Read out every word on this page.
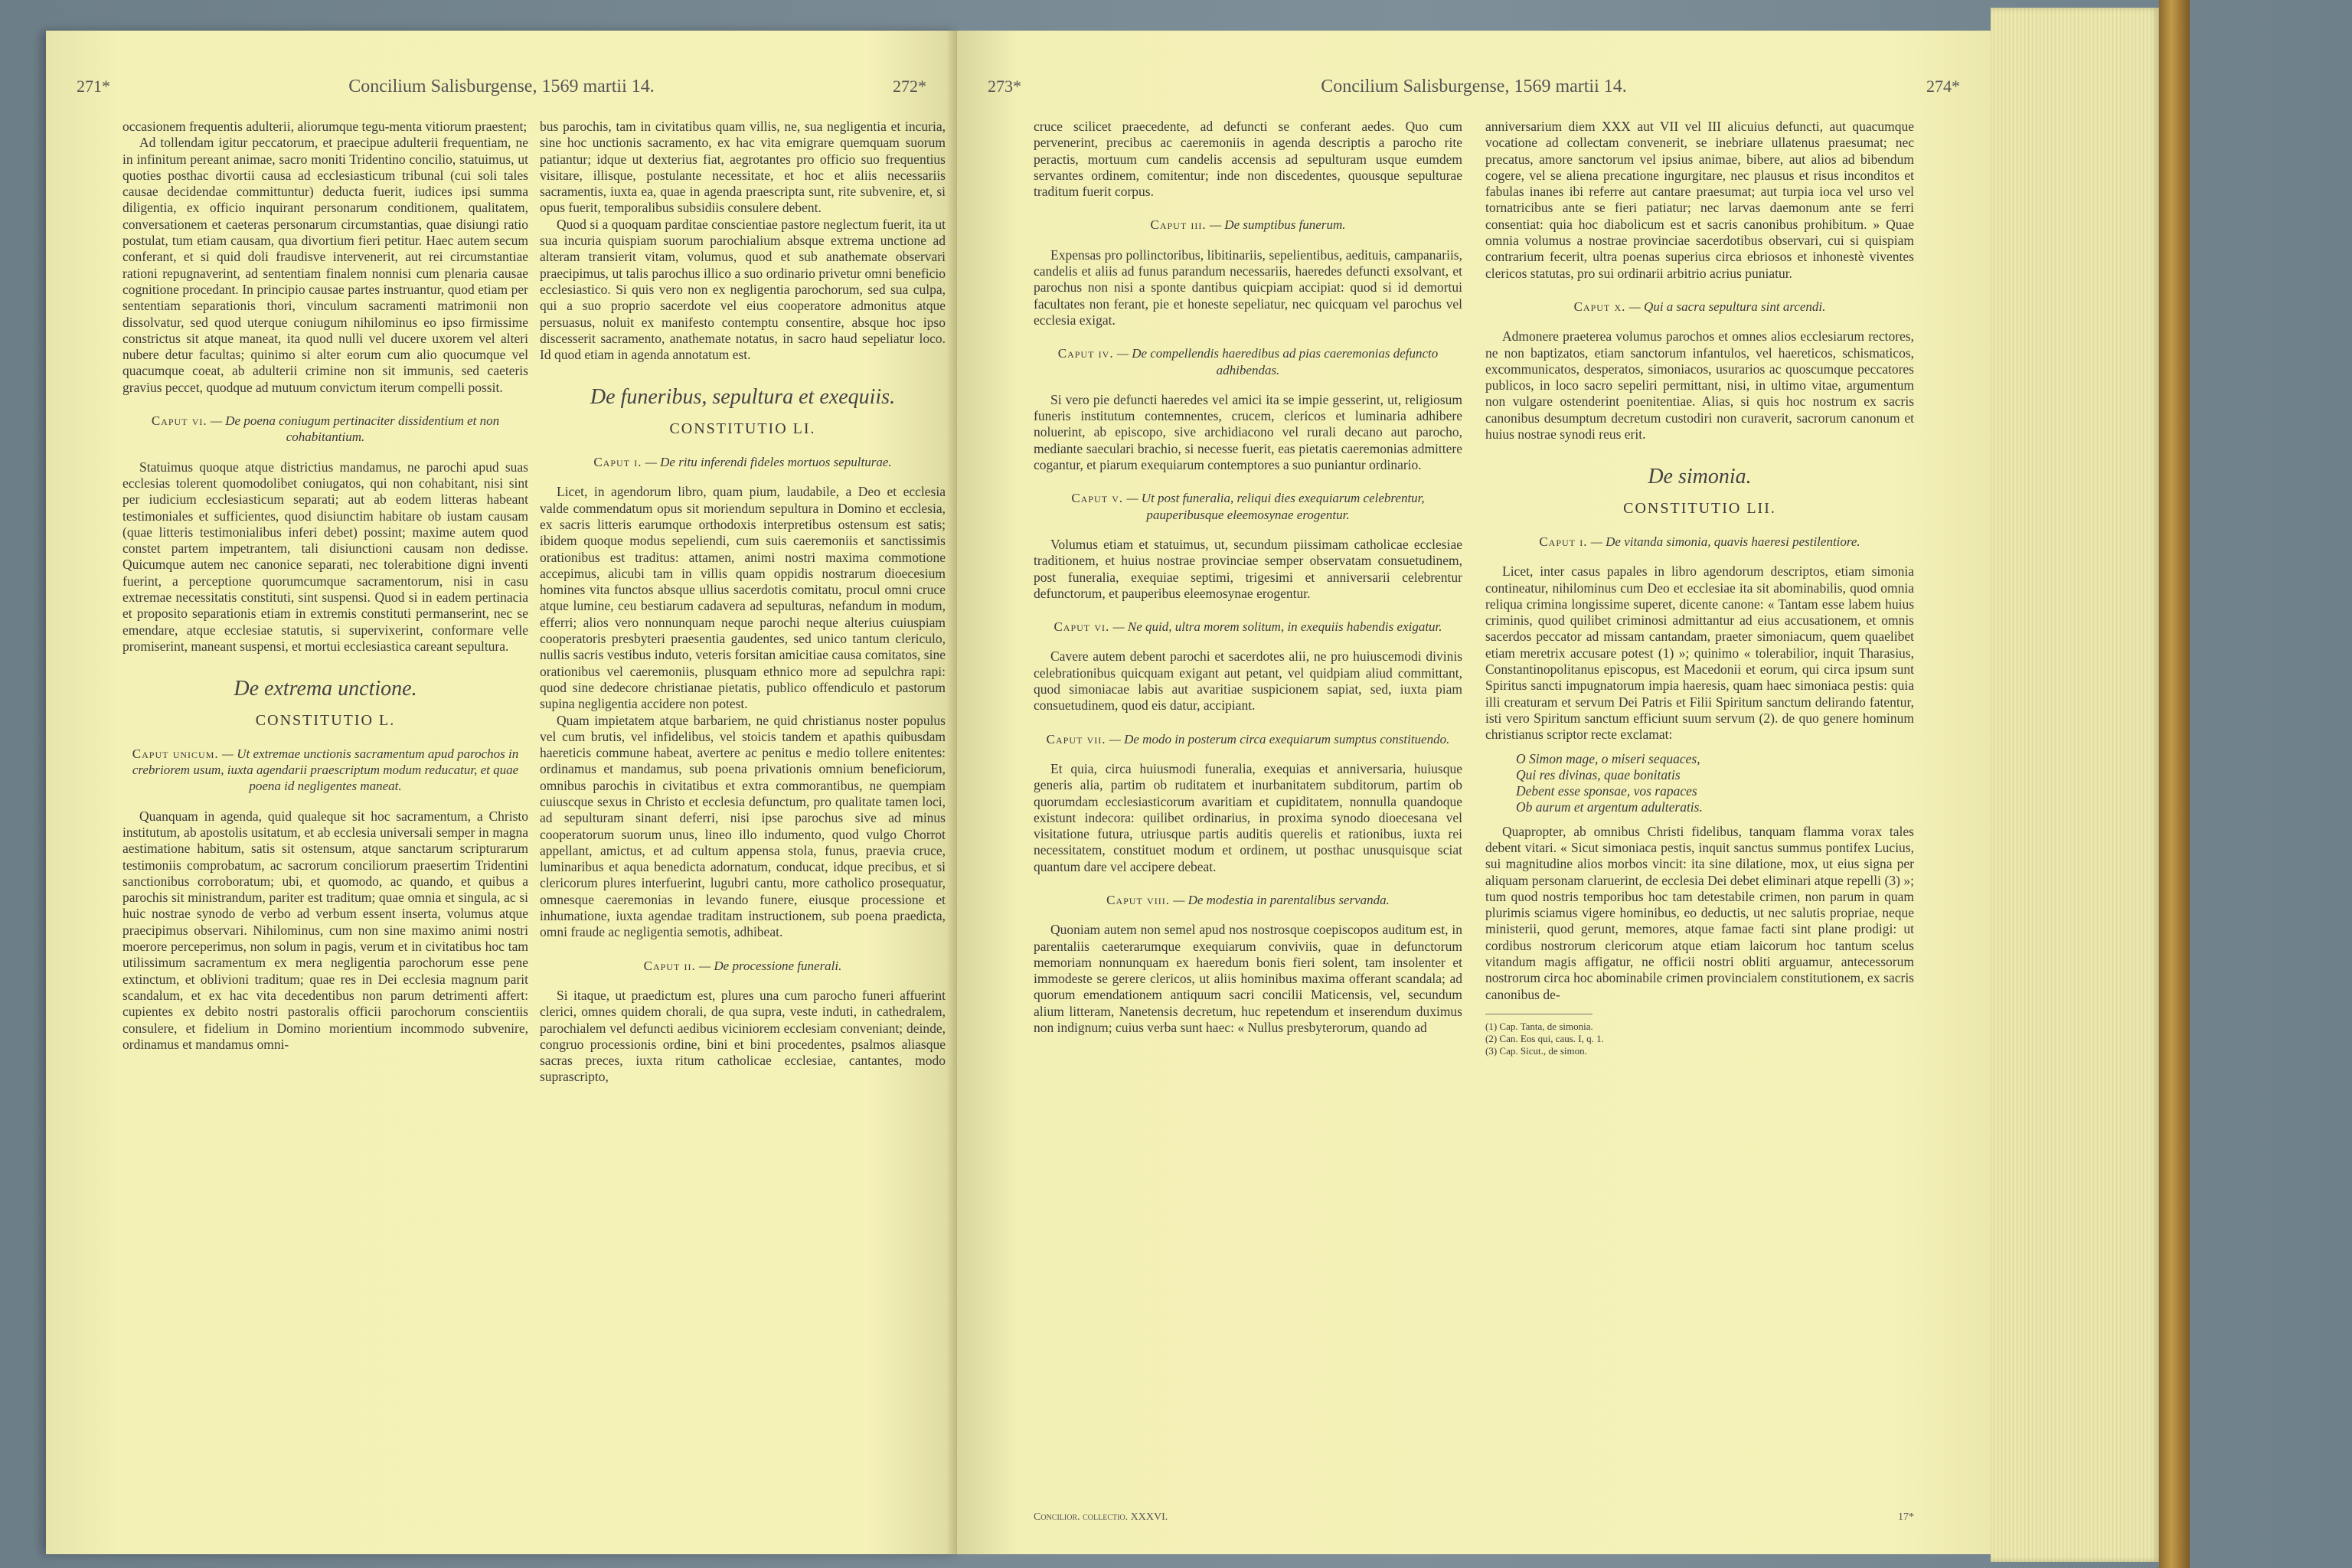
271*	Concilium Salisburgense, 1569 martii 14.	272*

occasionem frequentis adulterii, aliorumque tegu-menta vitiorum praestent;

Ad tollendam igitur peccatorum, et praecipue adulterii frequentiam, ne in infinitum pereant animae, sacro moniti Tridentino concilio, statuimus, ut quoties posthac divortii causa ad ecclesiasticum tribunal (cui soli tales causae decidendae committuntur) deducta fuerit, iudices ipsi summa diligentia, ex officio inquirant personarum conditionem, qualitatem, conversationem et caeteras personarum circumstantias, quae disiungi ratio postulat, tum etiam causam, qua divortium fieri petitur. Haec autem secum conferant, et si quid doli fraudisve intervenerit, aut rei circumstantiae rationi repugnaverint, ad sententiam finalem nonnisi cum plenaria causae cognitione procedant. In principio causae partes instruantur, quod etiam per sententiam separationis thori, vinculum sacramenti matrimonii non dissolvatur, sed quod uterque coniugum nihilominus eo ipso firmissime constrictus sit atque maneat, ita quod nulli vel ducere uxorem vel alteri nubere detur facultas; quinimo si alter eorum cum alio quocumque vel quacumque coeat, ab adulterii crimine non sit immunis, sed caeteris gravius peccet, quodque ad mutuum convictum iterum compelli possit.

Caput vi. — De poena coniugum pertinaciter dissidentium et non cohabitantium.

Statuimus quoque atque districtius mandamus, ne parochi apud suas ecclesias tolerent quomodolibet coniugatos, qui non cohabitant, nisi sint per iudicium ecclesiasticum separati; aut ab eodem litteras habeant testimoniales et sufficientes, quod disiunctim habitare ob iustam causam (quae litteris testimonialibus inferi debet) possint; maxime autem quod constet partem impetrantem, tali disiunctioni causam non dedisse. Quicumque autem nec canonice separati, nec tolerabitione digni inventi fuerint, a perceptione quorumcumque sacramentorum, nisi in casu extremae necessitatis constituti, sint suspensi. Quod si in eadem pertinacia et proposito separationis etiam in extremis constituti permanserint, nec se emendare, atque ecclesiae statutis, si supervixerint, conformare velle promiserint, maneant suspensi, et mortui ecclesiastica careant sepultura.

De extrema unctione.
CONSTITUTIO L.
Caput unicum. — Ut extremae unctionis sacramentum apud parochos in crebriorem usum, iuxta agendarii praescriptum modum reducatur, et quae poena id negligentes maneat.

Quanquam in agenda, quid qualeque sit hoc sacramentum, a Christo institutum, ab apostolis usitatum, et ab ecclesia universali semper in magna aestimatione habitum, satis sit ostensum, atque sanctarum scripturarum testimoniis comprobatum, ac sacrorum conciliorum praesertim Tridentini sanctionibus corroboratum; ubi, et quomodo, ac quando, et quibus a parochis sit ministrandum, pariter est traditum; quae omnia et singula, ac si huic nostrae synodo de verbo ad verbum essent inserta, volumus atque praecipimus observari. Nihilominus, cum non sine maximo animi nostri moerore perceperimus, non solum in pagis, verum et in civitatibus hoc tam utilissimum sacramentum ex mera negligentia parochorum esse pene extinctum, et oblivioni traditum; quae res in Dei ecclesia magnum parit scandalum, et ex hac vita decedentibus non parum detrimenti affert: cupientes ex debito nostri pastoralis officii parochorum conscientiis consulere, et fidelium in Domino morientium incommodo subvenire, ordinamus et mandamus omni-

bus parochis, tam in civitatibus quam villis, ne, sua negligentia et incuria, sine hoc unctionis sacramento, ex hac vita emigrare quemquam suorum patiantur; idque ut dexterius fiat, aegrotantes pro officio suo frequentius visitare, illisque, postulante necessitate, et hoc et aliis necessariis sacramentis, iuxta ea, quae in agenda praescripta sunt, rite subvenire, et, si opus fuerit, temporalibus subsidiis consulere debent.

Quod si a quoquam parditae conscientiae pastore neglectum fuerit, ita ut sua incuria quispiam suorum parochialium absque extrema unctione ad alteram transierit vitam, volumus, quod et sub anathemate observari praecipimus, ut talis parochus illico a suo ordinario privetur omni beneficio ecclesiastico. Si quis vero non ex negligentia parochorum, sed sua culpa, qui a suo proprio sacerdote vel eius cooperatore admonitus atque persuasus, noluit ex manifesto contemptu consentire, absque hoc ipso discesserit sacramento, anathemate notatus, in sacro haud sepeliatur loco. Id quod etiam in agenda annotatum est.

De funeribus, sepultura et exequiis.
CONSTITUTIO LI.
Caput i. — De ritu inferendi fideles mortuos sepulturae.

Licet, in agendorum libro, quam pium, laudabile, a Deo et ecclesia valde commendatum opus sit moriendum sepultura in Domino et ecclesia, ex sacris litteris earumque orthodoxis interpretibus ostensum est satis; ibidem quoque modus sepeliendi, cum suis caeremoniis et sanctissimis orationibus est traditus: attamen, animi nostri maxima commotione accepimus, alicubi tam in villis quam oppidis nostrarum dioecesium homines vita functos absque ullius sacerdotis comitatu, procul omni cruce atque lumine, ceu bestiarum cadavera ad sepulturas, nefandum in modum, efferri; alios vero nonnunquam neque parochi neque alterius cuiuspiam cooperatoris presbyteri praesentia gaudentes, sed unico tantum clericulo, nullis sacris vestibus induto, veteris forsitan amicitiae causa comitatos, sine orationibus vel caeremoniis, plusquam ethnico more ad sepulchra rapi: quod sine dedecore christianae pietatis, publico offendiculo et pastorum supina negligentia accidere non potest.

Quam impietatem atque barbariem, ne quid christianus noster populus vel cum brutis, vel infidelibus, vel stoicis tandem et apathis quibusdam haereticis commune habeat, avertere ac penitus e medio tollere enitentes: ordinamus et mandamus, sub poena privationis omnium beneficiorum, omnibus parochis in civitatibus et extra commorantibus, ne quempiam cuiuscque sexus in Christo et ecclesia defunctum, pro qualitate tamen loci, ad sepulturam sinant deferri, nisi ipse parochus sive ad minus cooperatorum suorum unus, lineo illo indumento, quod vulgo Chorrot appellant, amictus, et ad cultum appensa stola, funus, praevia cruce, luminaribus et aqua benedicta adornatum, conducat, idque precibus, et si clericorum plures interfuerint, lugubri cantu, more catholico prosequatur, omnesque caeremonias in levando funere, eiusque processione et inhumatione, iuxta agendae traditam instructionem, sub poena praedicta, omni fraude ac negligentia semotis, adhibeat.

Caput ii. — De processione funerali.

Si itaque, ut praedictum est, plures una cum parocho funeri affuerint clerici, omnes quidem chorali, de qua supra, veste induti, in cathedralem, parochialem vel defuncti aedibus viciniorem ecclesiam conveniant; deinde, congruo processionis ordine, bini et bini procedentes, psalmos aliasque sacras preces, iuxta ritum catholicae ecclesiae, cantantes, modo suprascripto,

273*	Concilium Salisburgense, 1569 martii 14.	274*

cruce scilicet praecedente, ad defuncti se conferant aedes. Quo cum pervenerint, precibus ac caeremoniis in agenda descriptis a parocho rite peractis, mortuum cum candelis accensis ad sepulturam usque eumdem servantes ordinem, comitentur; inde non discedentes, quousque sepulturae traditum fuerit corpus.

Caput iii. — De sumptibus funerum.

Expensas pro pollinctoribus, libitinariis, sepelientibus, aedituis, campanariis, candelis et aliis ad funus parandum necessariis, haeredes defuncti exsolvant, et parochus non nisi a sponte dantibus quicpiam accipiat: quod si id demortui facultates non ferant, pie et honeste sepeliatur, nec quicquam vel parochus vel ecclesia exigat.

Caput iv. — De compellendis haeredibus ad pias caeremonias defuncto adhibendas.

Si vero pie defuncti haeredes vel amici ita se impie gesserint, ut, religiosum funeris institutum contemnentes, crucem, clericos et luminaria adhibere noluerint, ab episcopo, sive archidiacono vel rurali decano aut parocho, mediante saeculari brachio, si necesse fuerit, eas pietatis caeremonias admittere cogantur, et piarum exequiarum contemptores a suo puniantur ordinario.

Caput v. — Ut post funeralia, reliqui dies exequiarum celebrentur, pauperibusque eleemosynae erogentur.

Volumus etiam et statuimus, ut, secundum piissimam catholicae ecclesiae traditionem, et huius nostrae provinciae semper observatam consuetudinem, post funeralia, exequiae septimi, trigesimi et anniversarii celebrentur defunctorum, et pauperibus eleemosynae erogentur.

Caput vi. — Ne quid, ultra morem solitum, in exequiis habendis exigatur.

Cavere autem debent parochi et sacerdotes alii, ne pro huiuscemodi divinis celebrationibus quicquam exigant aut petant, vel quidpiam aliud committant, quod simoniacae labis aut avaritiae suspicionem sapiat, sed, iuxta piam consuetudinem, quod eis datur, accipiant.

Caput vii. — De modo in posterum circa exequiarum sumptus constituendo.

Et quia, circa huiusmodi funeralia, exequias et anniversaria, huiusque generis alia, partim ob ruditatem et inurbanitatem subditorum, partim ob quorumdam ecclesiasticorum avaritiam et cupiditatem, nonnulla quandoque existunt indecora: quilibet ordinarius, in proxima synodo dioecesana vel visitatione futura, utriusque partis auditis querelis et rationibus, iuxta rei necessitatem, constituet modum et ordinem, ut posthac unusquisque sciat quantum dare vel accipere debeat.

Caput viii. — De modestia in parentalibus servanda.

Quoniam autem non semel apud nos nostrosque coepiscopos auditum est, in parentaliis caeterarumque exequiarum conviviis, quae in defunctorum memoriam nonnunquam ex haeredum bonis fieri solent, tam insolenter et immodeste se gerere clericos, ut aliis hominibus maxima offerant scandala; ad quorum emendationem antiquum sacri concilii Maticensis, vel, secundum alium litteram, Nanetensis decretum, huc repetendum et inserendum duximus non indignum; cuius verba sunt haec: « Nullus presbyterorum, quando ad

anniversarium diem XXX aut VII vel III alicuius defuncti, aut quacumque vocatione ad collectam convenerit, se inebriare ullatenus praesumat; nec precatus, amore sanctorum vel ipsius animae, bibere, aut alios ad bibendum cogere, vel se aliena precatione ingurgitare, nec plausus et risus inconditos et fabulas inanes ibi referre aut cantare praesumat; aut turpia ioca vel urso vel tornatricibus ante se fieri patiatur; nec larvas daemonum ante se ferri consentiat: quia hoc diabolicum est et sacris canonibus prohibitum. » Quae omnia volumus a nostrae provinciae sacerdotibus observari, cui si quispiam contrarium fecerit, ultra poenas superius circa ebriosos et inhonestè viventes clericos statutas, pro sui ordinarii arbitrio acrius puniatur.

Caput x. — Qui a sacra sepultura sint arcendi.

Admonere praeterea volumus parochos et omnes alios ecclesiarum rectores, ne non baptizatos, etiam sanctorum infantulos, vel haereticos, schismaticos, excommunicatos, desperatos, simoniacos, usurarios ac quoscumque peccatores publicos, in loco sacro sepeliri permittant, nisi, in ultimo vitae, argumentum non vulgare ostenderint poenitentiae. Alias, si quis hoc nostrum ex sacris canonibus desumptum decretum custodiri non curaverit, sacrorum canonum et huius nostrae synodi reus erit.

De simonia.
CONSTITUTIO LII.
Caput i. — De vitanda simonia, quavis haeresi pestilentiore.

Licet, inter casus papales in libro agendorum descriptos, etiam simonia contineatur, nihilominus cum Deo et ecclesiae ita sit abominabilis, quod omnia reliqua crimina longissime superet, dicente canone: « Tantam esse labem huius criminis, quod quilibet criminosi admittantur ad eius accusationem, et omnis sacerdos peccator ad missam cantandam, praeter simoniacum, quem quaelibet etiam meretrix accusare potest (1) »; quinimo « tolerabilior, inquit Tharasius, Constantinopolitanus episcopus, est Macedonii et eorum, qui circa ipsum sunt Spiritus sancti impugnatorum impia haeresis, quam haec simoniaca pestis: quia illi creaturam et servum Dei Patris et Filii Spiritum sanctum delirando fatentur, isti vero Spiritum sanctum efficiunt suum servum (2). de quo genere hominum christianus scriptor recte exclamat:

O Simon mage, o miseri sequaces,
Qui res divinas, quae bonitatis
Debent esse sponsae, vos rapaces
Ob aurum et argentum adulteratis.

Quapropter, ab omnibus Christi fidelibus, tanquam flamma vorax tales debent vitari. « Sicut simoniaca pestis, inquit sanctus summus pontifex Lucius, sui magnitudine alios morbos vincit: ita sine dilatione, mox, ut eius signa per aliquam personam claruerint, de ecclesia Dei debet eliminari atque repelli (3) »; tum quod nostris temporibus hoc tam detestabile crimen, non parum in quam plurimis sciamus vigere hominibus, eo deductis, ut nec salutis propriae, neque ministerii, quod gerunt, memores, atque famae facti sint plane prodigi: ut cordibus nostrorum clericorum atque etiam laicorum hoc tantum scelus vitandum magis affigatur, ne officii nostri obliti arguamur, antecessorum nostrorum circa hoc abominabile crimen provincialem constitutionem, ex sacris canonibus de-

(1) Cap. Tanta, de simonia.
(2) Can. Eos qui, caus. I, q. 1.
(3) Cap. Sicut., de simon.
Concilior. collectio. XXXVI.	17*
